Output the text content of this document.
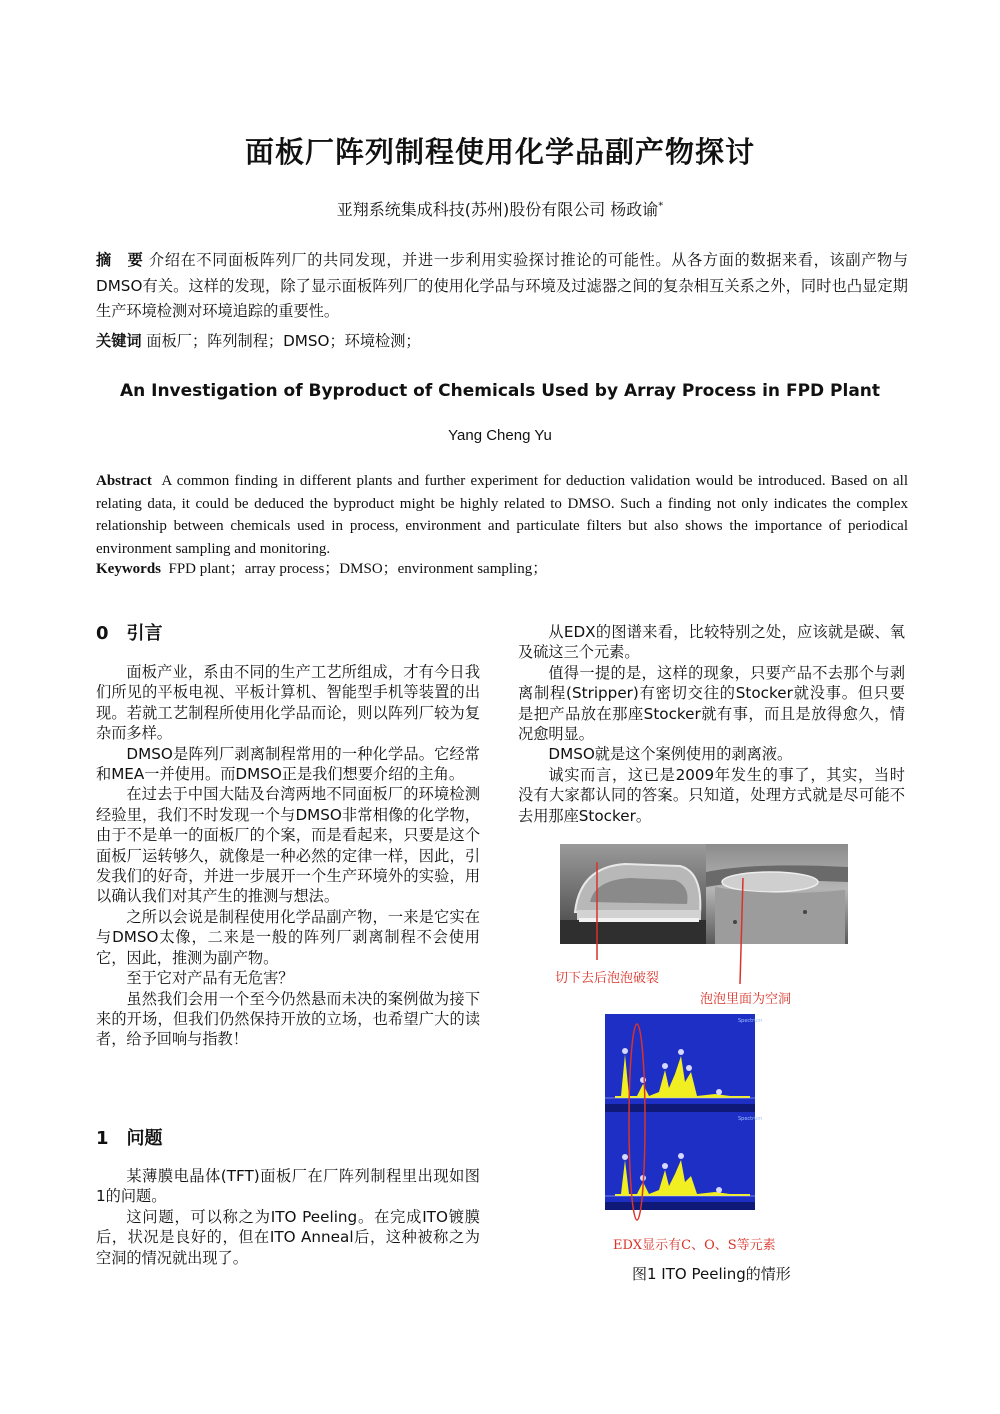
面板厂阵列制程使用化学品副产物探讨
亚翔系统集成科技(苏州)股份有限公司 杨政谕*
摘　要 介绍在不同面板阵列厂的共同发现，并进一步利用实验探讨推论的可能性。从各方面的数据来看，该副产物与DMSO有关。这样的发现，除了显示面板阵列厂的使用化学品与环境及过滤器之间的复杂相互关系之外，同时也凸显定期生产环境检测对环境追踪的重要性。
关键词 面板厂；阵列制程；DMSO；环境检测；
An Investigation of Byproduct of Chemicals Used by Array Process in FPD Plant
Yang Cheng Yu
Abstract A common finding in different plants and further experiment for deduction validation would be introduced. Based on all relating data, it could be deduced the byproduct might be highly related to DMSO. Such a finding not only indicates the complex relationship between chemicals used in process, environment and particulate filters but also shows the importance of periodical environment sampling and monitoring.
Keywords FPD plant；array process；DMSO；environment sampling；
0　引言

面板产业，系由不同的生产工艺所组成，才有今日我们所见的平板电视、平板计算机、智能型手机等装置的出现。若就工艺制程所使用化学品而论，则以阵列厂较为复杂而多样。

DMSO是阵列厂剥离制程常用的一种化学品。它经常和MEA一并使用。而DMSO正是我们想要介绍的主角。

在过去于中国大陆及台湾两地不同面板厂的环境检测经验里，我们不时发现一个与DMSO非常相像的化学物，由于不是单一的面板厂的个案，而是看起来，只要是这个面板厂运转够久，就像是一种必然的定律一样，因此，引发我们的好奇，并进一步展开一个生产环境外的实验，用以确认我们对其产生的推测与想法。

之所以会说是制程使用化学品副产物，一来是它实在与DMSO太像，二来是一般的阵列厂剥离制程不会使用它，因此，推测为副产物。

至于它对产品有无危害？

虽然我们会用一个至今仍然悬而未决的案例做为接下来的开场，但我们仍然保持开放的立场，也希望广大的读者，给予回响与指教！

1　问题

某薄膜电晶体(TFT)面板厂在厂阵列制程里出现如图 1的问题。

这问题，可以称之为ITO Peeling。在完成ITO镀膜后，状况是良好的，但在ITO Anneal后，这种被称之为空洞的情况就出现了。

从EDX的图谱来看，比较特别之处，应该就是碳、氧及硫这三个元素。

值得一提的是，这样的现象，只要产品不去那个与剥离制程(Stripper)有密切交往的Stocker就没事。但只要是把产品放在那座Stocker就有事，而且是放得愈久，情况愈明显。

DMSO就是这个案例使用的剥离液。

诚实而言，这已是2009年发生的事了，其实，当时没有大家都认同的答案。只知道，处理方式就是尽可能不去用那座Stocker。

切下去后泡泡破裂
泡泡里面为空洞
Spectrum
Spectrum
EDX显示有C、O、S等元素
图1 ITO Peeling的情形
